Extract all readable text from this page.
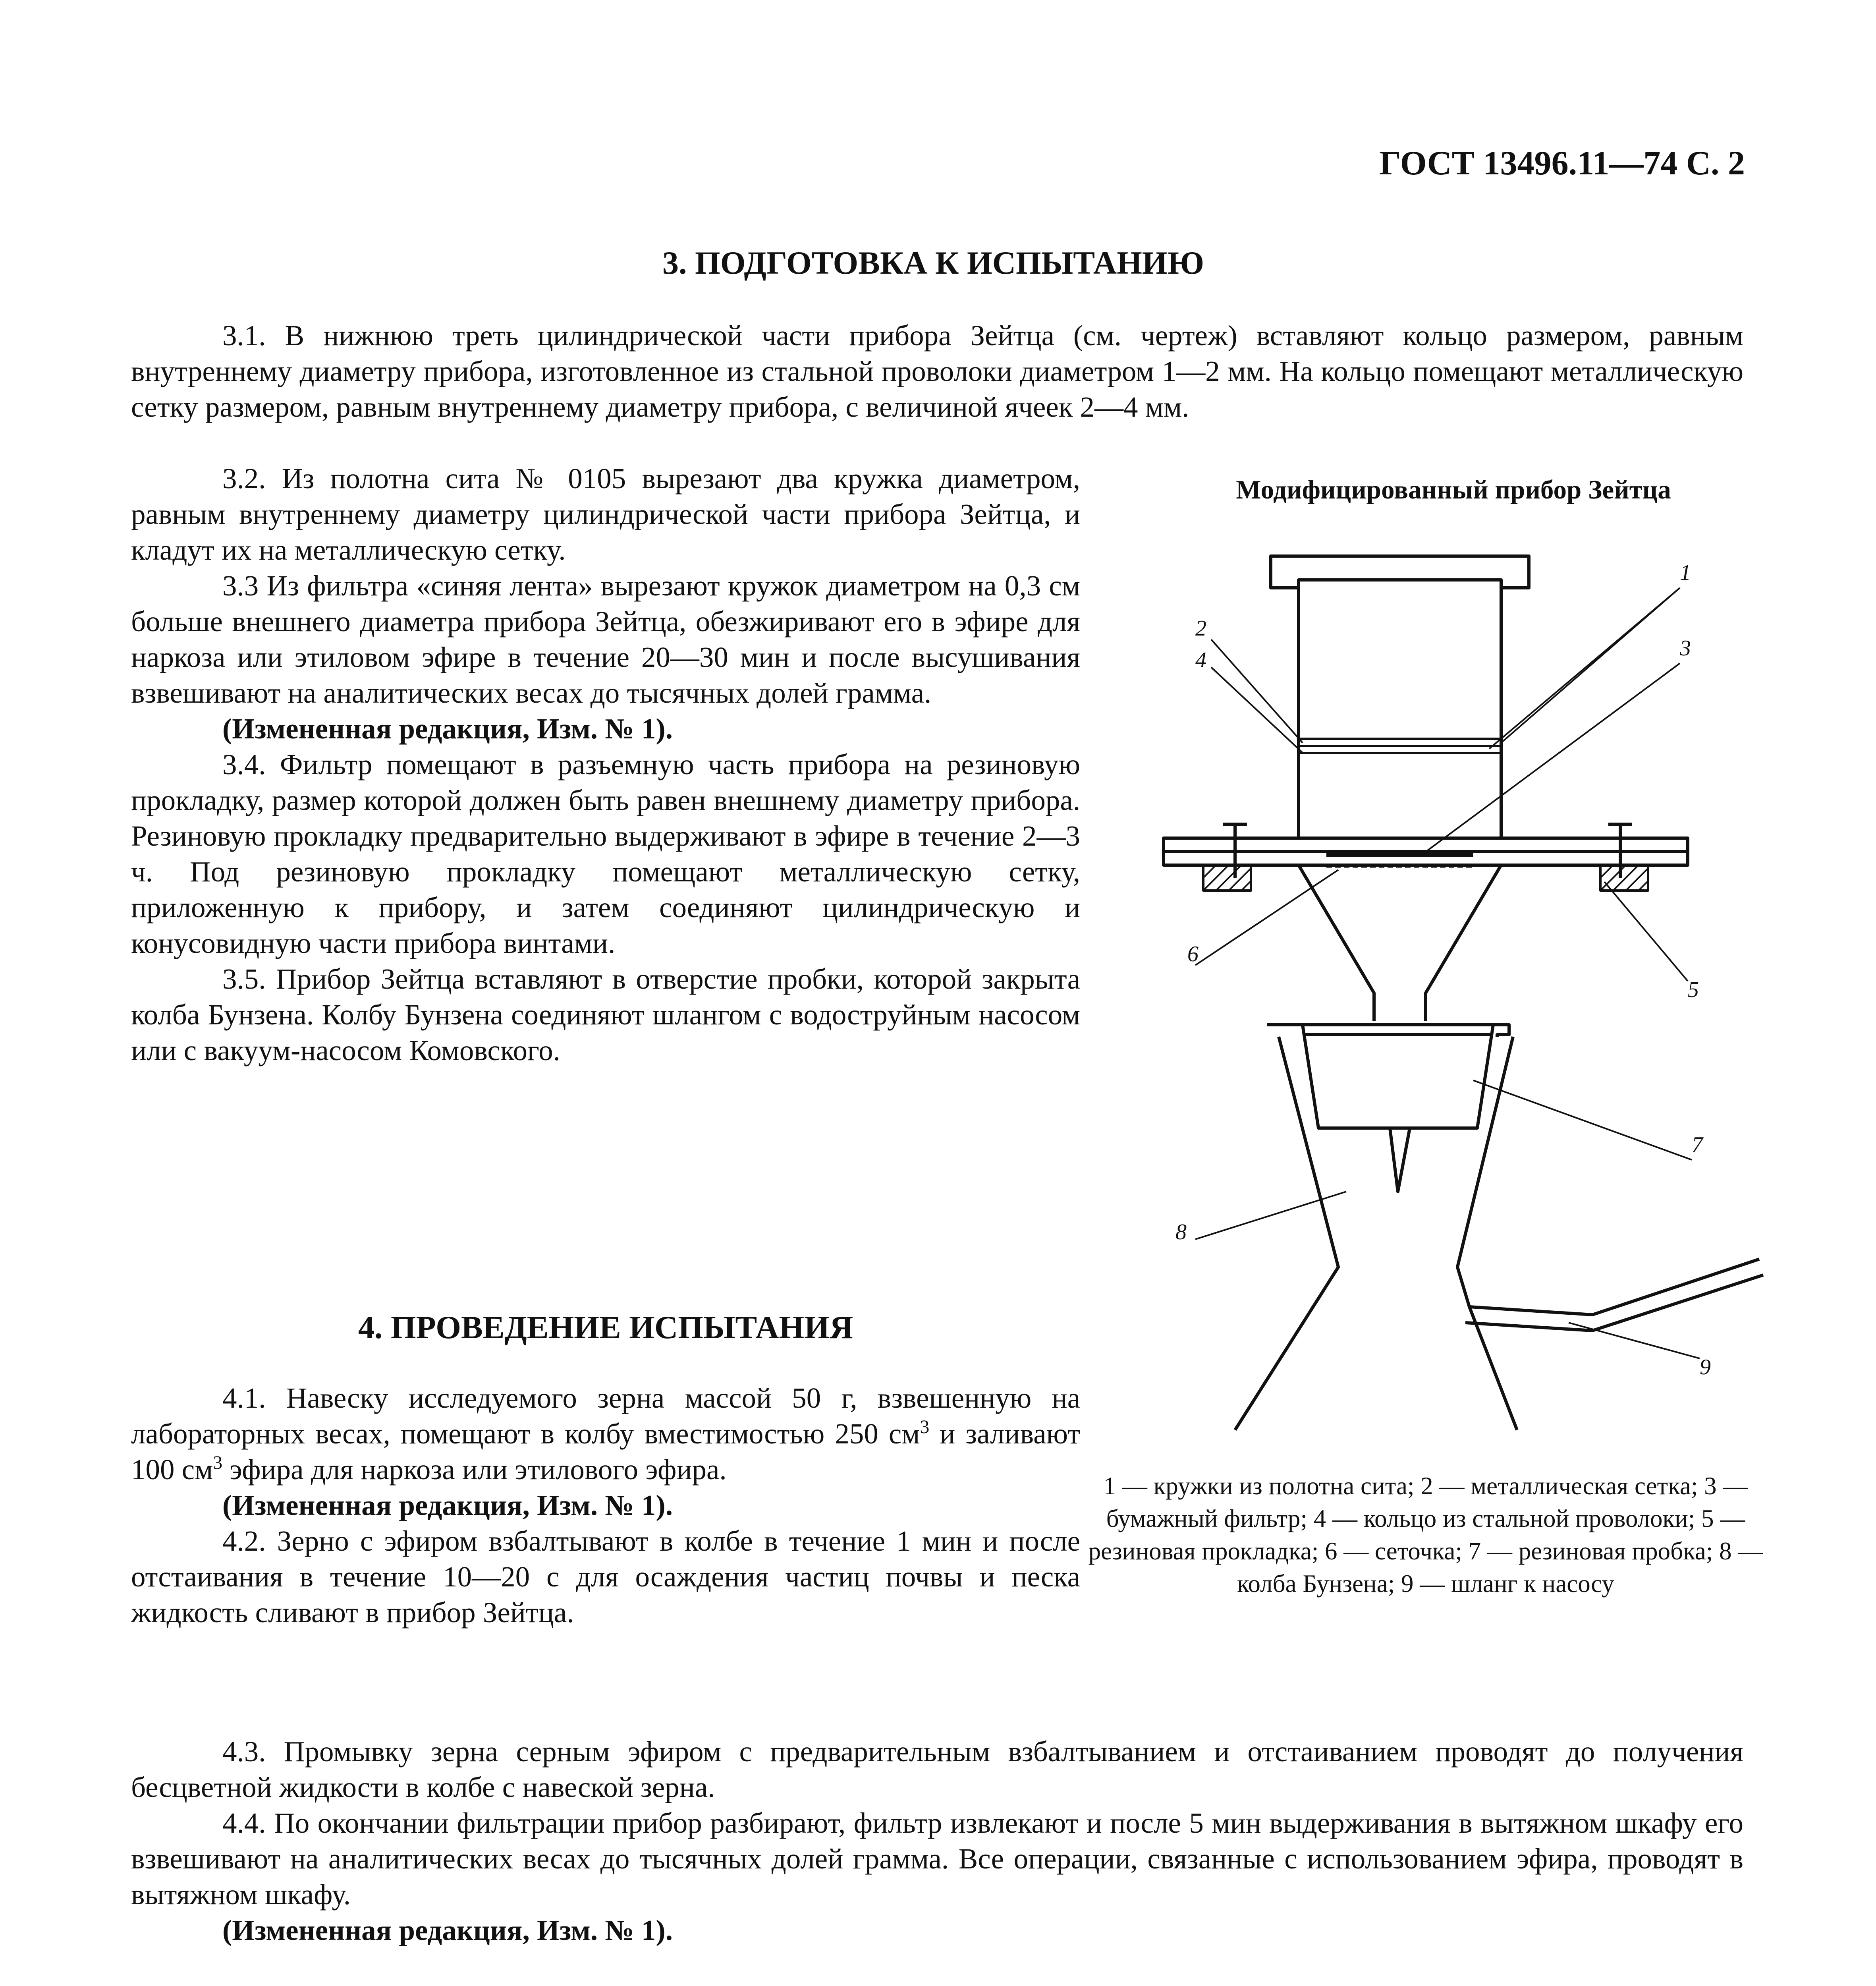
ГОСТ 13496.11—74 С. 2
3. ПОДГОТОВКА К ИСПЫТАНИЮ

3.1. В нижнюю треть цилиндрической части прибора Зейтца (см. чертеж) вставляют кольцо размером, равным внутреннему диаметру прибора, изготовленное из стальной проволоки диаметром 1—2 мм. На кольцо помещают металлическую сетку размером, равным внутреннему диаметру прибора, с величиной ячеек 2—4 мм.

3.2. Из полотна сита № 0105 вырезают два кружка диаметром, равным внутреннему диаметру цилиндрической части прибора Зейтца, и кладут их на металлическую сетку.

3.3 Из фильтра «синяя лента» вырезают кружок диаметром на 0,3 см больше внешнего диаметра прибора Зейтца, обезжиривают его в эфире для наркоза или этиловом эфире в течение 20—30 мин и после высушивания взвешивают на аналитических весах до тысячных долей грамма.

(Измененная редакция, Изм. № 1).

3.4. Фильтр помещают в разъемную часть прибора на резиновую прокладку, размер которой должен быть равен внешнему диаметру прибора. Резиновую прокладку предварительно выдерживают в эфире в течение 2—3 ч. Под резиновую прокладку помещают металлическую сетку, приложенную к прибору, и затем соединяют цилиндрическую и конусовидную части прибора винтами.

3.5. Прибор Зейтца вставляют в отверстие пробки, которой закрыта колба Бунзена. Колбу Бунзена соединяют шлангом с водоструйным насосом или с вакуум-насосом Комовского.

4. ПРОВЕДЕНИЕ ИСПЫТАНИЯ

4.1. Навеску исследуемого зерна массой 50 г, взвешенную на лабораторных весах, помещают в колбу вместимостью 250 $см^3$ и заливают 100 $см^3$ эфира для наркоза или этилового эфира.

(Измененная редакция, Изм. № 1).

4.2. Зерно с эфиром взбалтывают в колбе в течение 1 мин и после отстаивания в течение 10—20 с для осаждения частиц почвы и песка жидкость сливают в прибор Зейтца.

4.3. Промывку зерна серным эфиром с предварительным взбалтыванием и отстаиванием проводят до получения бесцветной жидкости в колбе с навеской зерна.

4.4. По окончании фильтрации прибор разбирают, фильтр извлекают и после 5 мин выдерживания в вытяжном шкафу его взвешивают на аналитических весах до тысячных долей грамма. Все операции, связанные с использованием эфира, проводят в вытяжном шкафу.

(Измененная редакция, Изм. № 1).

Модифицированный прибор Зейтца
1
2
3
4
5
6
7
8
9
1 — кружки из полотна сита; 2 — металлическая сетка; 3 — бумажный фильтр; 4 — кольцо из стальной проволоки; 5 — резиновая прокладка; 6 — сеточка; 7 — резиновая пробка; 8 — колба Бунзена; 9 — шланг к насосу
